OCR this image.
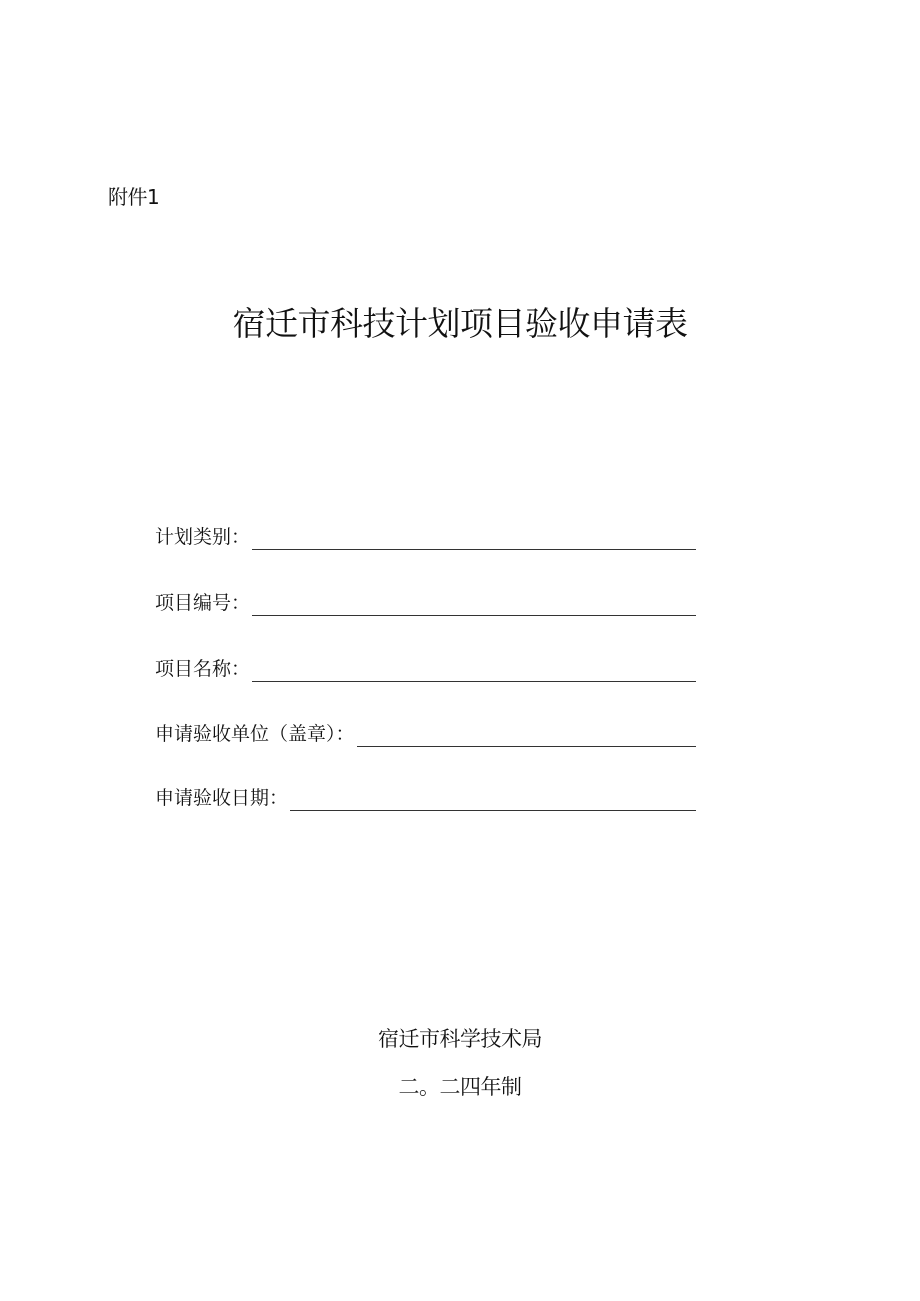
附件1
宿迁市科技计划项目验收申请表
计划类别：
项目编号：
项目名称：
申请验收单位（盖章）：
申请验收日期：
宿迁市科学技术局
二。二四年制
